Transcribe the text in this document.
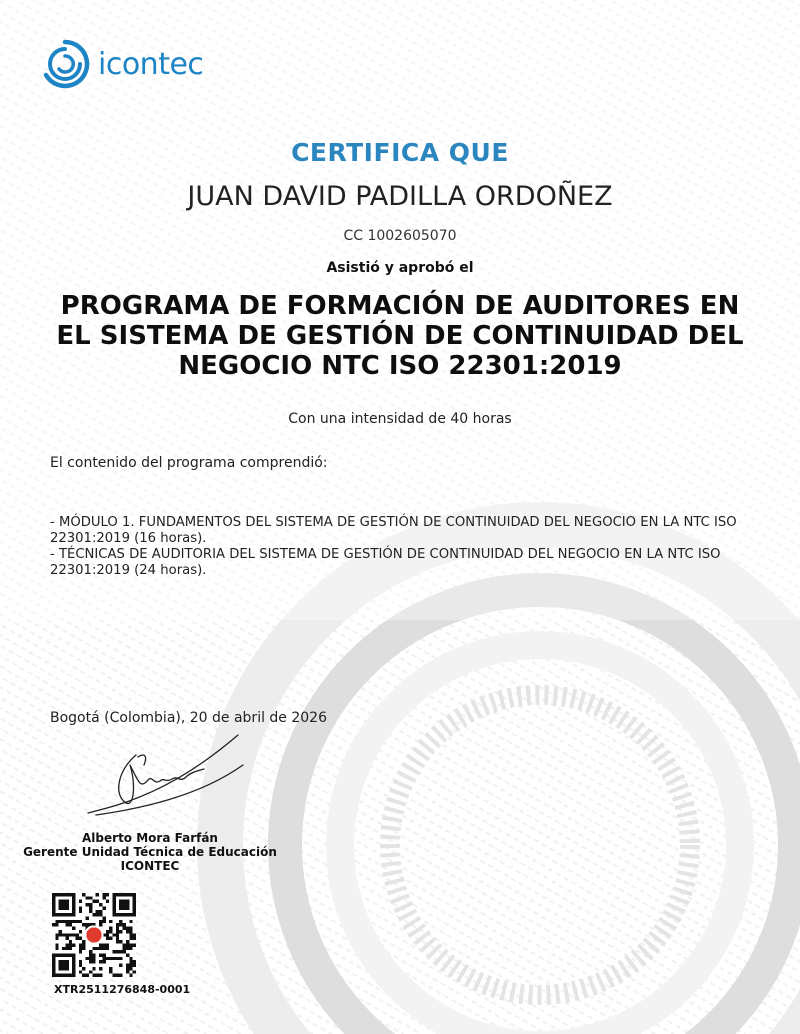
icontec
CERTIFICA QUE
JUAN DAVID PADILLA ORDOÑEZ
CC 1002605070
Asistió y aprobó el
PROGRAMA DE FORMACIÓN DE AUDITORES EN EL SISTEMA DE GESTIÓN DE CONTINUIDAD DEL NEGOCIO NTC ISO 22301:2019
Con una intensidad de 40 horas
El contenido del programa comprendió:
- MÓDULO 1. FUNDAMENTOS DEL SISTEMA DE GESTIÓN DE CONTINUIDAD DEL NEGOCIO EN LA NTC ISO 22301:2019 (16 horas).
- TÉCNICAS DE AUDITORIA DEL SISTEMA DE GESTIÓN DE CONTINUIDAD DEL NEGOCIO EN LA NTC ISO 22301:2019 (24 horas).
Bogotá (Colombia), 20 de abril de 2026
Alberto Mora Farfán
Gerente Unidad Técnica de Educación ICONTEC
XTR2511276848-0001
